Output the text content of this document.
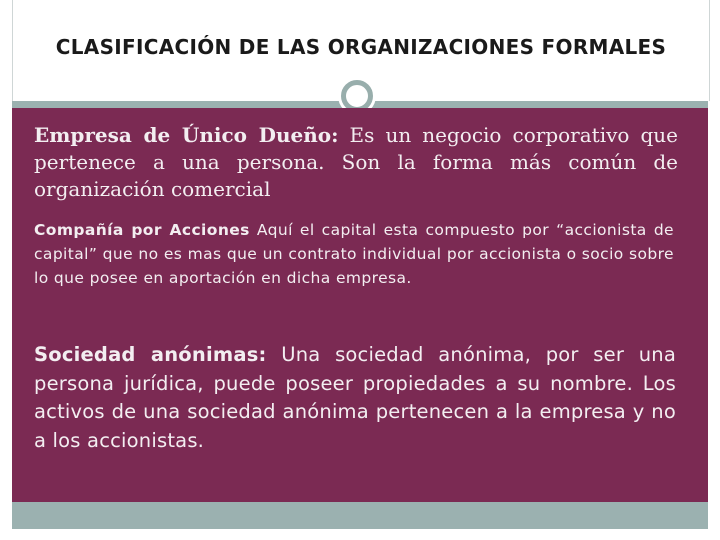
CLASIFICACIÓN DE LAS ORGANIZACIONES FORMALES
Empresa de Único Dueño: Es un negocio corporativo que pertenece a una persona. Son la forma más común de organización comercial
Compañía por Acciones Aquí el capital esta compuesto por “accionista de capital” que no es mas que un contrato individual por accionista o socio sobre lo que posee en aportación en dicha empresa.
Sociedad anónimas: Una sociedad anónima, por ser una persona jurídica, puede poseer propiedades a su nombre. Los activos de una sociedad anónima pertenecen a la empresa y no a los accionistas.
